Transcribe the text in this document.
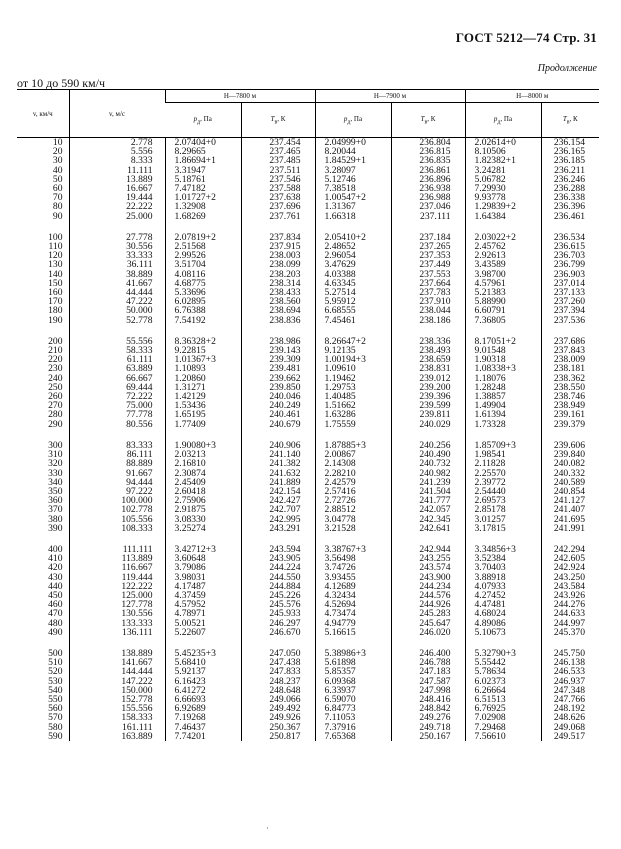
ГОСТ 5212—74 Стр. 31
Продолжение
от 10 до 590 км/ч
v, км/ч	v, м/с	H—7800 м		H—7900 м		H—8000 м	
		$p_д$, Па	$T_в$, К	$p_д$, Па	$T_в$, К	$p_д$, Па	$T_в$, К
10	2.778	2.07404+0	237.454	2.04999+0	236.804	2.02614+0	236.154
20	5.556	8.29665	237.465	8.20044	236.815	8.10506	236.165
30	8.333	1.86694+1	237.485	1.84529+1	236.835	1.82382+1	236.185
40	11.111	3.31947	237.511	3.28097	236.861	3.24281	236.211
50	13.889	5.18761	237.546	5.12746	236.896	5.06782	236.246
60	16.667	7.47182	237.588	7.38518	236.938	7.29930	236.288
70	19.444	1.01727+2	237.638	1.00547+2	236.988	9.93778	236.338
80	22.222	1.32908	237.696	1.31367	237.046	1.29839+2	236.396
90	25.000	1.68269	237.761	1.66318	237.111	1.64384	236.461

100	27.778	2.07819+2	237.834	2.05410+2	237.184	2.03022+2	236.534
110	30.556	2.51568	237.915	2.48652	237.265	2.45762	236.615
120	33.333	2.99526	238.003	2.96054	237.353	2.92613	236.703
130	36.111	3.51704	238.099	3.47629	237.449	3.43589	236.799
140	38.889	4.08116	238.203	4.03388	237.553	3.98700	236.903
150	41.667	4.68775	238.314	4.63345	237.664	4.57961	237.014
160	44.444	5.33696	238.433	5.27514	237.783	5.21383	237.133
170	47.222	6.02895	238.560	5.95912	237.910	5.88990	237.260
180	50.000	6.76388	238.694	6.68555	238.044	6.60791	237.394
190	52.778	7.54192	238.836	7.45461	238.186	7.36805	237.536

200	55.556	8.36328+2	238.986	8.26647+2	238.336	8.17051+2	237.686
210	58.333	9.22815	239.143	9.12135	238.493	9.01548	237.843
220	61.111	1.01367+3	239.309	1.00194+3	238.659	1.90318	238.009
230	63.889	1.10893	239.481	1.09610	238.831	1.08338+3	238.181
240	66.667	1.20860	239.662	1.19462	239.012	1.18076	238.362
250	69.444	1.31271	239.850	1.29753	239.200	1.28248	238.550
260	72.222	1.42129	240.046	1.40485	239.396	1.38857	238.746
270	75.000	1.53436	240.249	1.51662	239.599	1.49904	238.949
280	77.778	1.65195	240.461	1.63286	239.811	1.61394	239.161
290	80.556	1.77409	240.679	1.75559	240.029	1.73328	239.379

300	83.333	1.90080+3	240.906	1.87885+3	240.256	1.85709+3	239.606
310	86.111	2.03213	241.140	2.00867	240.490	1.98541	239.840
320	88.889	2.16810	241.382	2.14308	240.732	2.11828	240.082
330	91.667	2.30874	241.632	2.28210	240.982	2.25570	240.332
340	94.444	2.45409	241.889	2.42579	241.239	2.39772	240.589
350	97.222	2.60418	242.154	2.57416	241.504	2.54440	240.854
360	100.000	2.75906	242.427	2.72726	241.777	2.69573	241.127
370	102.778	2.91875	242.707	2.88512	242.057	2.85178	241.407
380	105.556	3.08330	242.995	3.04778	242.345	3.01257	241.695
390	108.333	3.25274	243.291	3.21528	242.641	3.17815	241.991

400	111.111	3.42712+3	243.594	3.38767+3	242.944	3.34856+3	242.294
410	113.889	3.60648	243.905	3.56498	243.255	3.52384	242.605
420	116.667	3.79086	244.224	3.74726	243.574	3.70403	242.924
430	119.444	3.98031	244.550	3.93455	243.900	3.88918	243.250
440	122.222	4.17487	244.884	4.12689	244.234	4.07933	243.584
450	125.000	4.37459	245.226	4.32434	244.576	4.27452	243.926
460	127.778	4.57952	245.576	4.52694	244.926	4.47481	244.276
470	130.556	4.78971	245.933	4.73474	245.283	4.68024	244.633
480	133.333	5.00521	246.297	4.94779	245.647	4.89086	244.997
490	136.111	5.22607	246.670	5.16615	246.020	5.10673	245.370

500	138.889	5.45235+3	247.050	5.38986+3	246.400	5.32790+3	245.750
510	141.667	5.68410	247.438	5.61898	246.788	5.55442	246.138
520	144.444	5.92137	247.833	5.85357	247.183	5.78634	246.533
530	147.222	6.16423	248.237	6.09368	247.587	6.02373	246.937
540	150.000	6.41272	248.648	6.33937	247.998	6.26664	247.348
550	152.778	6.66693	249.066	6.59070	248.416	6.51513	247.766
560	155.556	6.92689	249.492	6.84773	248.842	6.76925	248.192
570	158.333	7.19268	249.926	7.11053	249.276	7.02908	248.626
580	161.111	7.46437	250.367	7.37916	249.718	7.29468	249.068
590	163.889	7.74201	250.817	7.65368	250.167	7.56610	249.517
·
